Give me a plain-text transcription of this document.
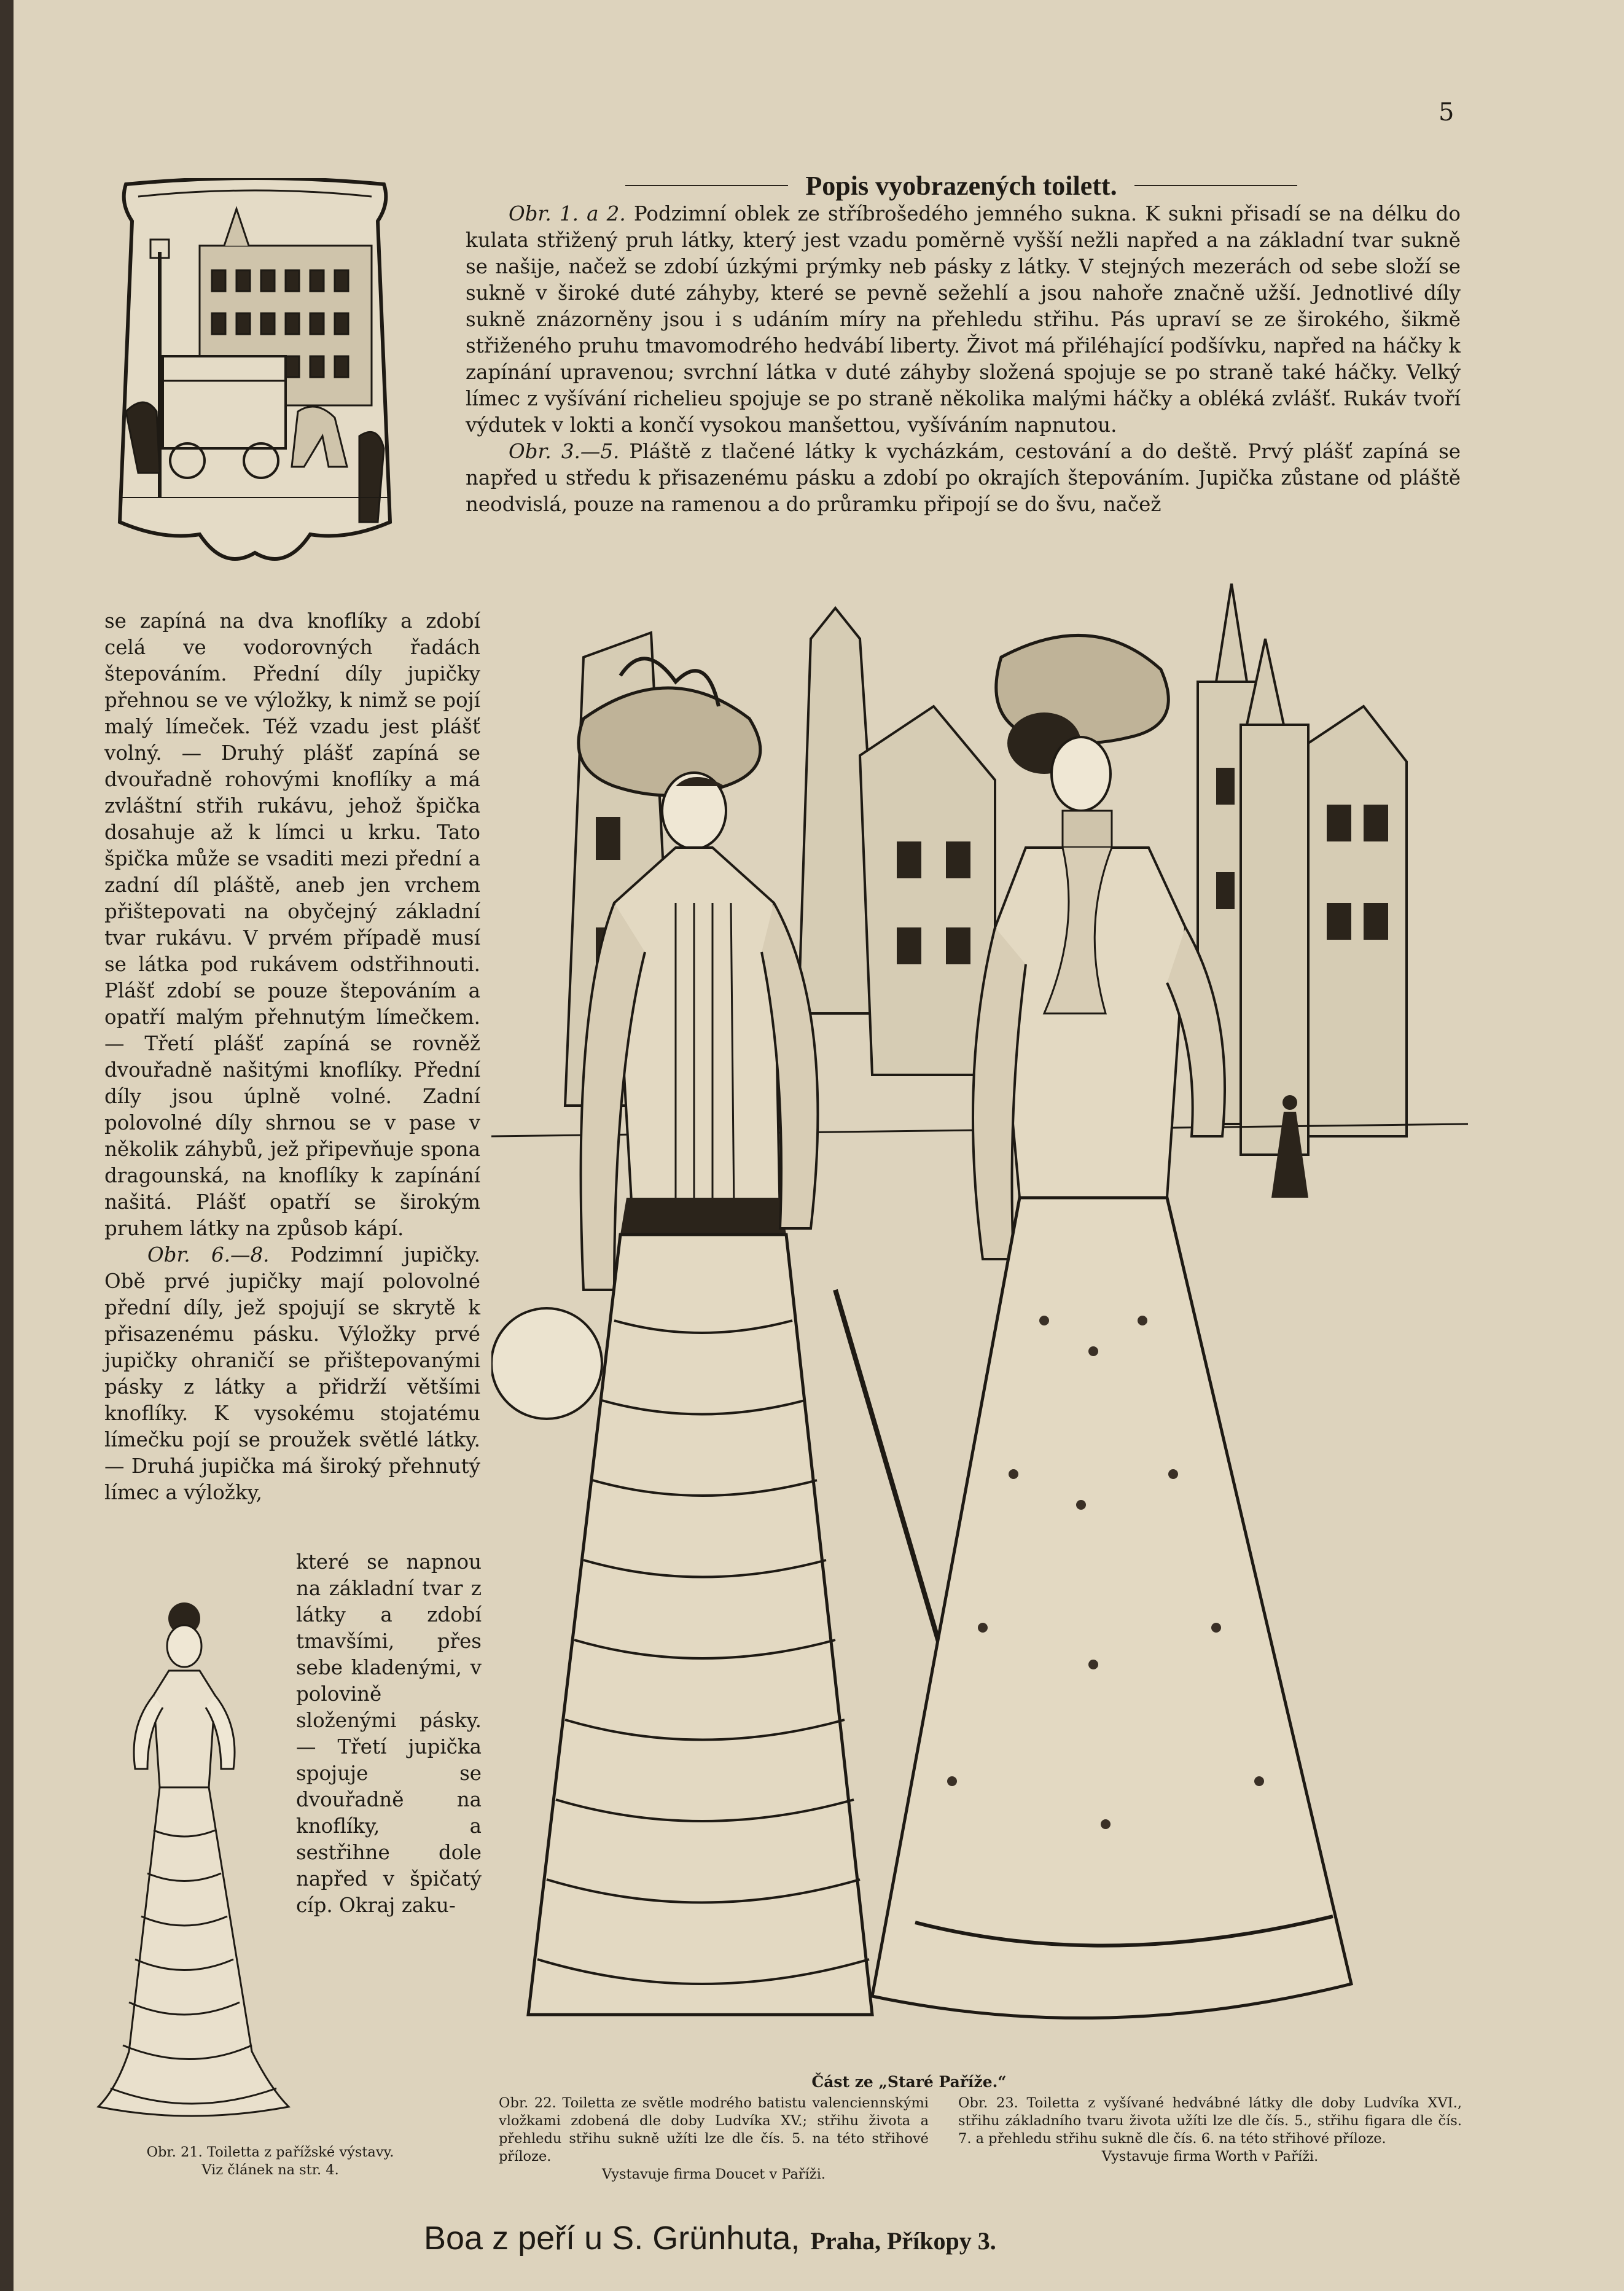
5
Popis vyobrazených toilett.

Obr. 1. a 2. Podzimní oblek ze stříbrošedého jemného sukna. K sukni přisadí se na délku do kulata střižený pruh látky, který jest vzadu poměrně vyšší nežli napřed a na základní tvar sukně se našije, načež se zdobí úzkými prýmky neb pásky z látky. V stejných mezerách od sebe složí se sukně v široké duté záhyby, které se pevně sežehlí a jsou nahoře značně užší. Jednotlivé díly sukně znázorněny jsou i s udáním míry na přehledu střihu. Pás upraví se ze širokého, šikmě střiženého pruhu tmavomodrého hedvábí liberty. Život má přiléhající podšívku, napřed na háčky k zapínání upravenou; svrchní látka v duté záhyby složená spojuje se po straně také háčky. Velký límec z vyšívání richelieu spojuje se po straně několika malými háčky a obléká zvlášť. Rukáv tvoří výdutek v lokti a končí vysokou manšettou, vyšíváním napnutou.

Obr. 3.—5. Pláště z tlačené látky k vycházkám, cestování a do deště. Prvý plášť zapíná se napřed u středu k přisazenému pásku a zdobí po okrajích štepováním. Jupička zůstane od pláště neodvislá, pouze na ramenou a do průramku připojí se do švu, načež

se zapíná na dva knoflíky a zdobí celá ve vodorovných řadách štepováním. Přední díly jupičky přehnou se ve výložky, k nimž se pojí malý límeček. Též vzadu jest plášť volný. — Druhý plášť zapíná se dvouřadně rohovými knoflíky a má zvláštní střih rukávu, jehož špička dosahuje až k límci u krku. Tato špička může se vsaditi mezi přední a zadní díl pláště, aneb jen vrchem přištepovati na obyčejný základní tvar rukávu. V prvém případě musí se látka pod rukávem odstřihnouti. Plášť zdobí se pouze štepováním a opatří malým přehnutým límečkem. — Třetí plášť zapíná se rovněž dvouřadně našitými knoflíky. Přední díly jsou úplně volné. Zadní polovolné díly shrnou se v pase v několik záhybů, jež připevňuje spona dragounská, na knoflíky k zapínání našitá. Plášť opatří se širokým pruhem látky na způsob kápí.

Obr. 6.—8. Podzimní jupičky. Obě prvé jupičky mají polovolné přední díly, jež spojují se skrytě k přisazenému pásku. Výložky prvé jupičky ohraničí se přištepovanými pásky z látky a přidrží většími knoflíky. K vysokému stojatému límečku pojí se proužek světlé látky. — Druhá jupička má široký přehnutý límec a výložky,

které se napnou na základní tvar z látky a zdobí tmavšími, přes sebe kladenými, v polovině složenými pásky. — Třetí jupička spojuje se dvouřadně na knoflíky, a sestřihne dole napřed v špičatý cíp. Okraj zaku-

Obr. 21. Toiletta z pařížské výstavy.
Viz článek na str. 4.
Část ze „Staré Paříže.“
Obr. 22. Toiletta ze světle modrého batistu valenciennskými vložkami zdobená dle doby Ludvíka XV.; střihu života a přehledu střihu sukně užíti lze dle čís. 5. na této střihové příloze.
Vystavuje firma Doucet v Paříži.
Obr. 23. Toiletta z vyšívané hedvábné látky dle doby Ludvíka XVI., střihu základního tvaru života užíti lze dle čís. 5., střihu figara dle čís. 7. a přehledu střihu sukně dle čís. 6. na této střihové příloze.
Vystavuje firma Worth v Paříži.
Boa z peří u S. Grünhuta, Praha, Příkopy 3.
